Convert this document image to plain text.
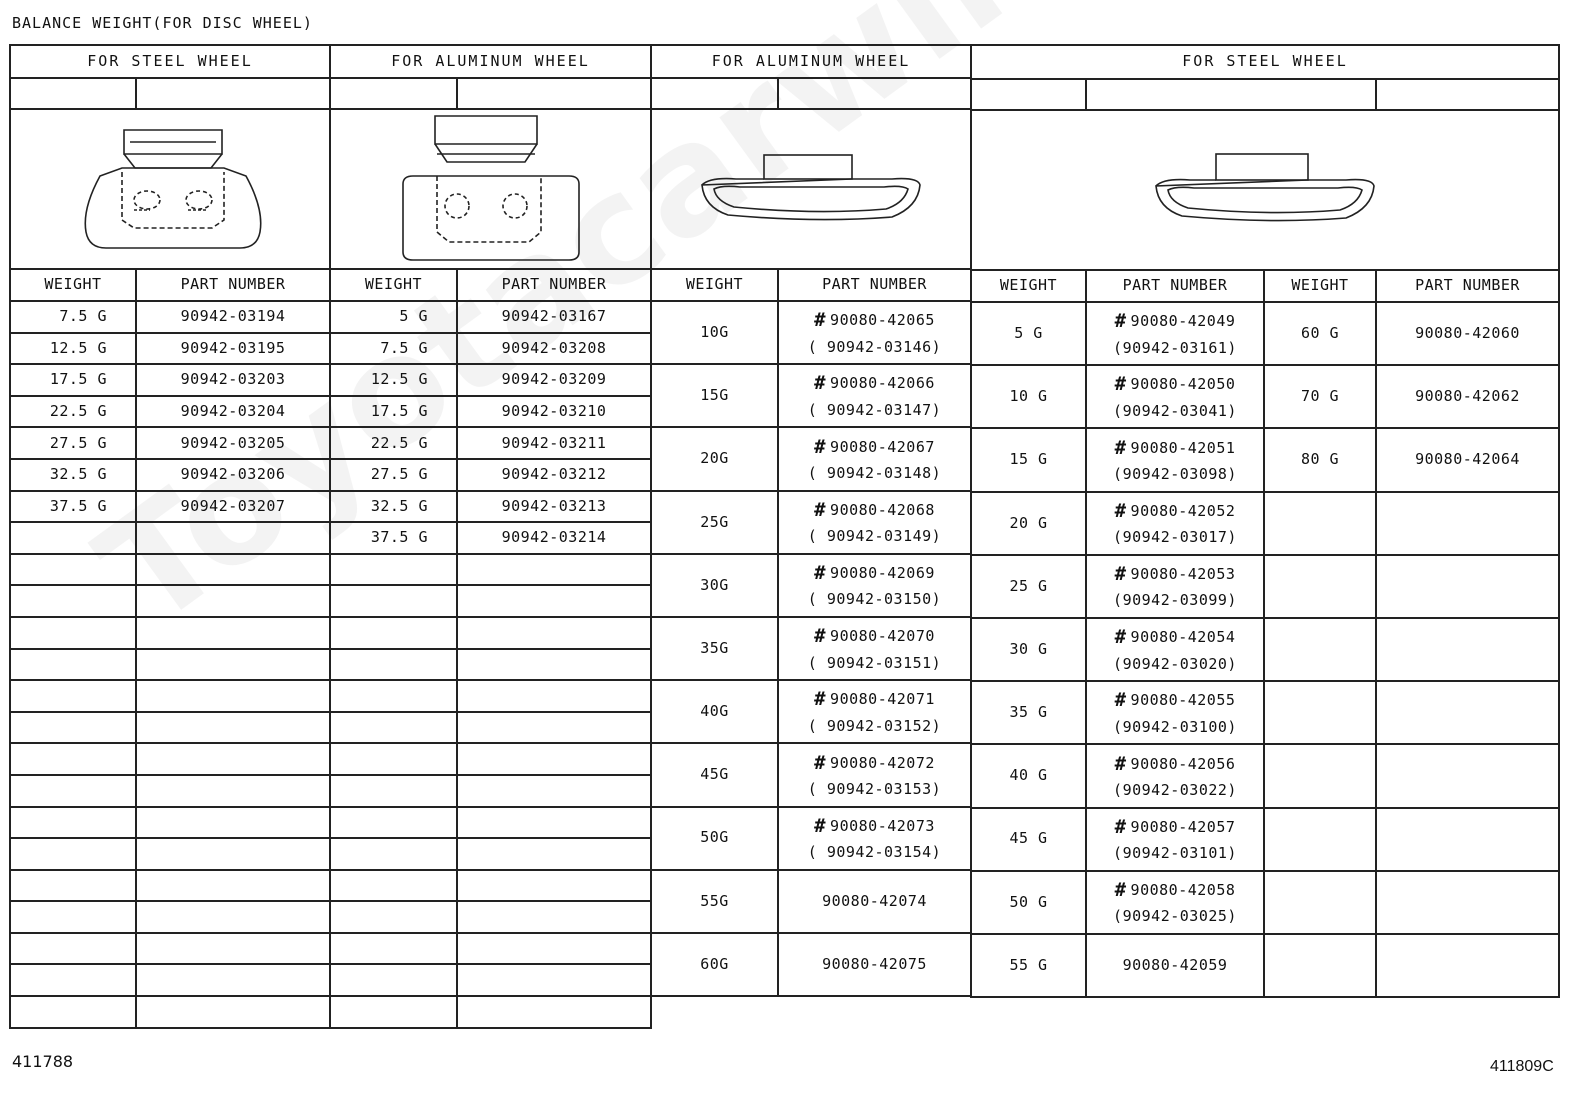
BALANCE WEIGHT(FOR DISC WHEEL)
FOR STEEL WHEEL		FOR ALUMINUM WHEEL	

WEIGHT	PART NUMBER	WEIGHT	PART NUMBER
7.5 G	90942-03194	5 G	90942-03167
12.5 G	90942-03195	7.5 G	90942-03208
17.5 G	90942-03203	12.5 G	90942-03209
22.5 G	90942-03204	17.5 G	90942-03210
27.5 G	90942-03205	22.5 G	90942-03211
32.5 G	90942-03206	27.5 G	90942-03212
37.5 G	90942-03207	32.5 G	90942-03213
		37.5 G	90942-03214

FOR ALUMINUM WHEEL	

WEIGHT	PART NUMBER
10G	# 90080-42065
( 90942-03146)

15G	# 90080-42066
( 90942-03147)

20G	# 90080-42067
( 90942-03148)

25G	# 90080-42068
( 90942-03149)

30G	# 90080-42069
( 90942-03150)

35G	# 90080-42070
( 90942-03151)

40G	# 90080-42071
( 90942-03152)

45G	# 90080-42072
( 90942-03153)

50G	# 90080-42073
( 90942-03154)

55G	90080-42074

60G	90080-42075
FOR STEEL WHEEL			

WEIGHT	PART NUMBER	WEIGHT	PART NUMBER
5 G	# 90080-42049
(90942-03161)	60 G	90080-42060
10 G	# 90080-42050
(90942-03041)	70 G	90080-42062
15 G	# 90080-42051
(90942-03098)	80 G	90080-42064
20 G	# 90080-42052
(90942-03017)		

25 G	# 90080-42053
(90942-03099)		

30 G	# 90080-42054
(90942-03020)		

35 G	# 90080-42055
(90942-03100)		

40 G	# 90080-42056
(90942-03022)		

45 G	# 90080-42057
(90942-03101)		

50 G	# 90080-42058
(90942-03025)		

55 G	90080-42059		

411788	411809C
